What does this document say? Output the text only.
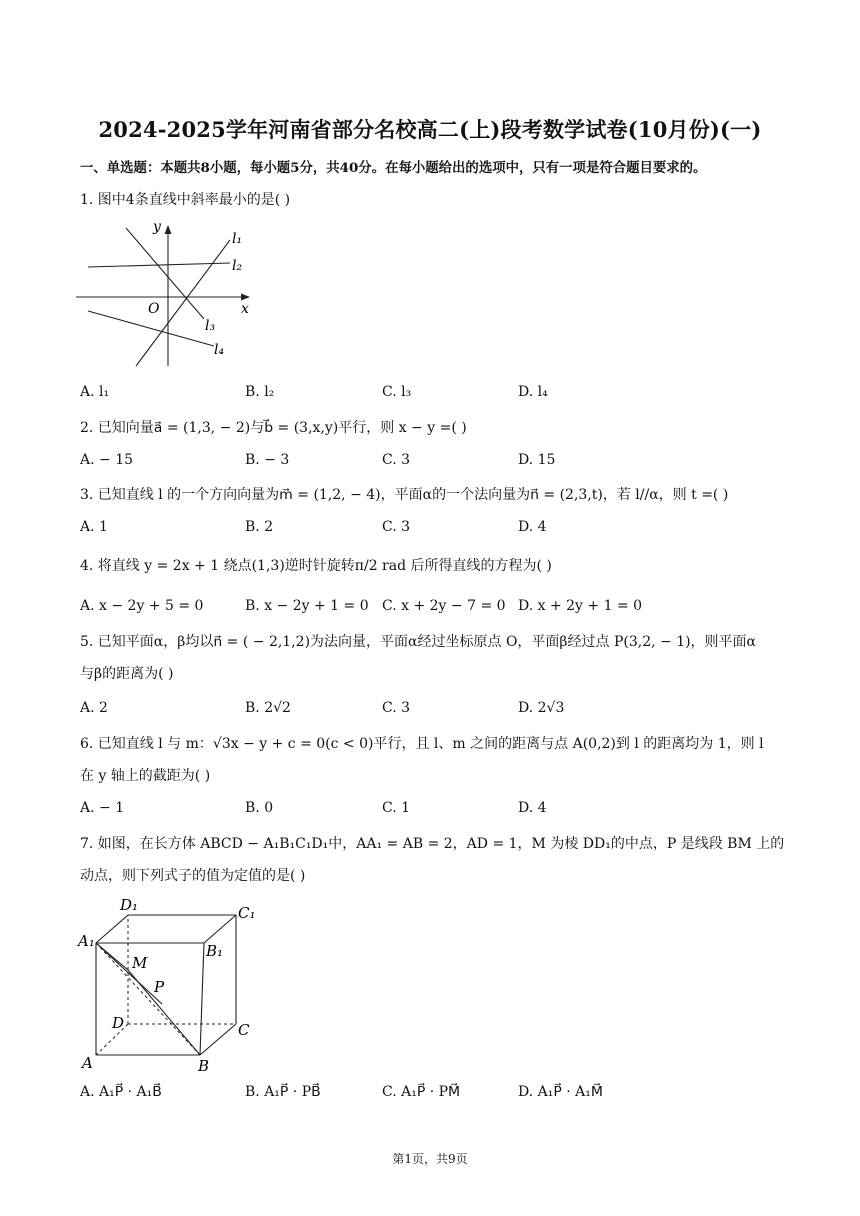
2024-2025学年河南省部分名校高二(上)段考数学试卷(10月份)(一)
一、单选题：本题共8小题，每小题5分，共40分。在每小题给出的选项中，只有一项是符合题目要求的。
1. 图中4条直线中斜率最小的是( )
y
x
O
l₁
l₂
l₃
l₄
A. l₁	B. l₂	C. l₃	D. l₄
2. 已知向量a⃗ = (1,3, − 2)与b⃗ = (3,x,y)平行，则 x − y =( )
A. − 15	B. − 3	C. 3	D. 15
3. 已知直线 l 的一个方向向量为m⃗ = (1,2, − 4)，平面α的一个法向量为n⃗ = (2,3,t)，若 l//α，则 t =( )
A. 1	B. 2	C. 3	D. 4
4. 将直线 y = 2x + 1 绕点(1,3)逆时针旋转π/2 rad 后所得直线的方程为( )
A. x − 2y + 5 = 0	B. x − 2y + 1 = 0 C. x + 2y − 7 = 0 D. x + 2y + 1 = 0
5. 已知平面α，β均以n⃗ = ( − 2,1,2)为法向量，平面α经过坐标原点 O，平面β经过点 P(3,2, − 1)，则平面α
与β的距离为( )
A. 2	B. 2√2	C. 3	D. 2√3
6. 已知直线 l 与 m：√3x − y + c = 0(c < 0)平行，且 l、m 之间的距离与点 A(0,2)到 l 的距离均为 1，则 l
在 y 轴上的截距为( )
A. − 1	B. 0	C. 1	D. 4
7. 如图，在长方体 ABCD − A₁B₁C₁D₁中，AA₁ = AB = 2，AD = 1，M 为棱 DD₁的中点，P 是线段 BM 上的
动点，则下列式子的值为定值的是( )
D₁	C₁
A₁
B₁
M
P
D	C
A	B
A. A₁P⃗ · A₁B⃗	B. A₁P⃗ · PB⃗	C. A₁P⃗ · PM⃗	D. A₁P⃗ · A₁M⃗
第1页，共9页
